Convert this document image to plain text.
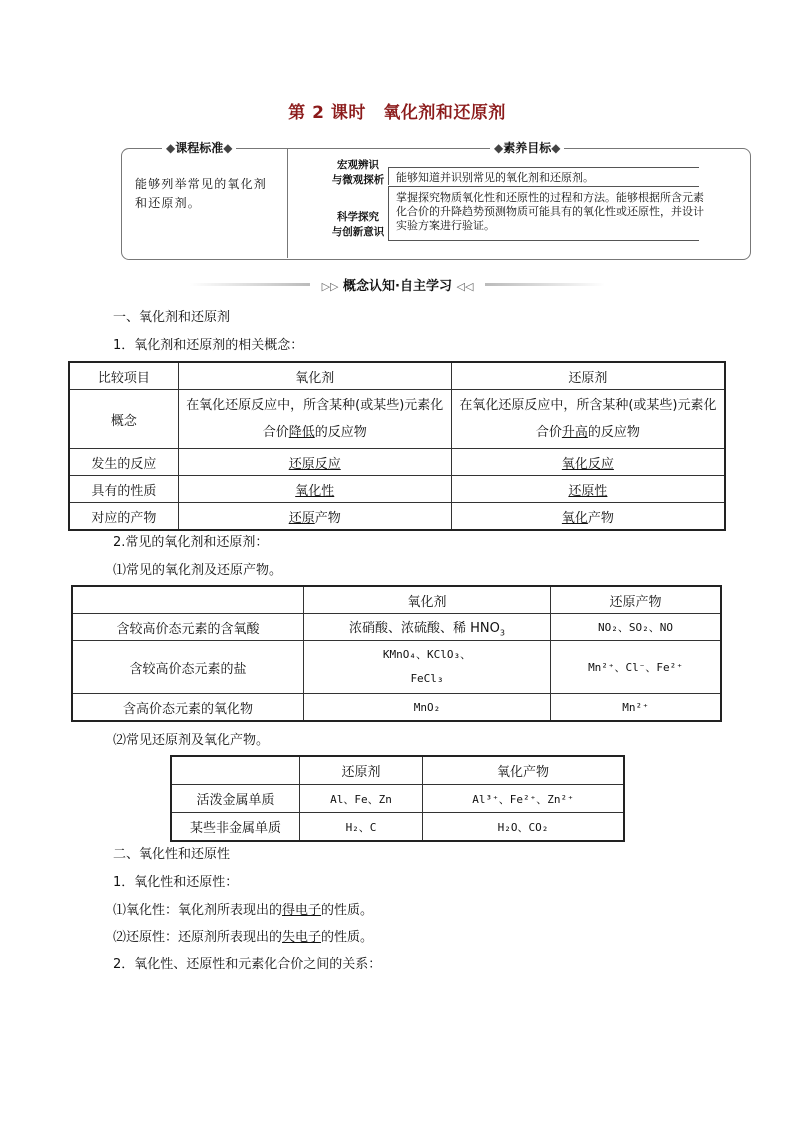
第 2 课时　氧化剂和还原剂
◆课程标准◆	◆素养目标◆
能够列举常见的氧化剂和还原剂。
宏观辨识
与微观探析
科学探究
与创新意识
能够知道并识别常见的氧化剂和还原剂。
掌握探究物质氧化性和还原性的过程和方法。能够根据所含元素化合价的升降趋势预测物质可能具有的氧化性或还原性，并设计实验方案进行验证。
▷▷ 概念认知·自主学习 ◁◁
一、氧化剂和还原剂
1．氧化剂和还原剂的相关概念：
比较项目	氧化剂	还原剂
概念	在氧化还原反应中，所含某种(或某些)元素化合价降低的反应物	在氧化还原反应中，所含某种(或某些)元素化合价升高的反应物
发生的反应	还原反应	氧化反应
具有的性质	氧化性	还原性
对应的产物	还原产物	氧化产物
2.常见的氧化剂和还原剂：
⑴常见的氧化剂及还原产物。
	氧化剂	还原产物
含较高价态元素的含氧酸	浓硝酸、浓硫酸、稀 $HNO_3$	NO₂、SO₂、NO
含较高价态元素的盐	KMnO₄、KClO₃、
FeCl₃	Mn²⁺、Cl⁻、Fe²⁺
含高价态元素的氧化物	MnO₂	Mn²⁺
⑵常见还原剂及氧化产物。
	还原剂	氧化产物
活泼金属单质	Al、Fe、Zn	Al³⁺、Fe²⁺、Zn²⁺
某些非金属单质	H₂、C	H₂O、CO₂
二、氧化性和还原性
1．氧化性和还原性：
⑴氧化性：氧化剂所表现出的得电子的性质。
⑵还原性：还原剂所表现出的失电子的性质。
2．氧化性、还原性和元素化合价之间的关系：
